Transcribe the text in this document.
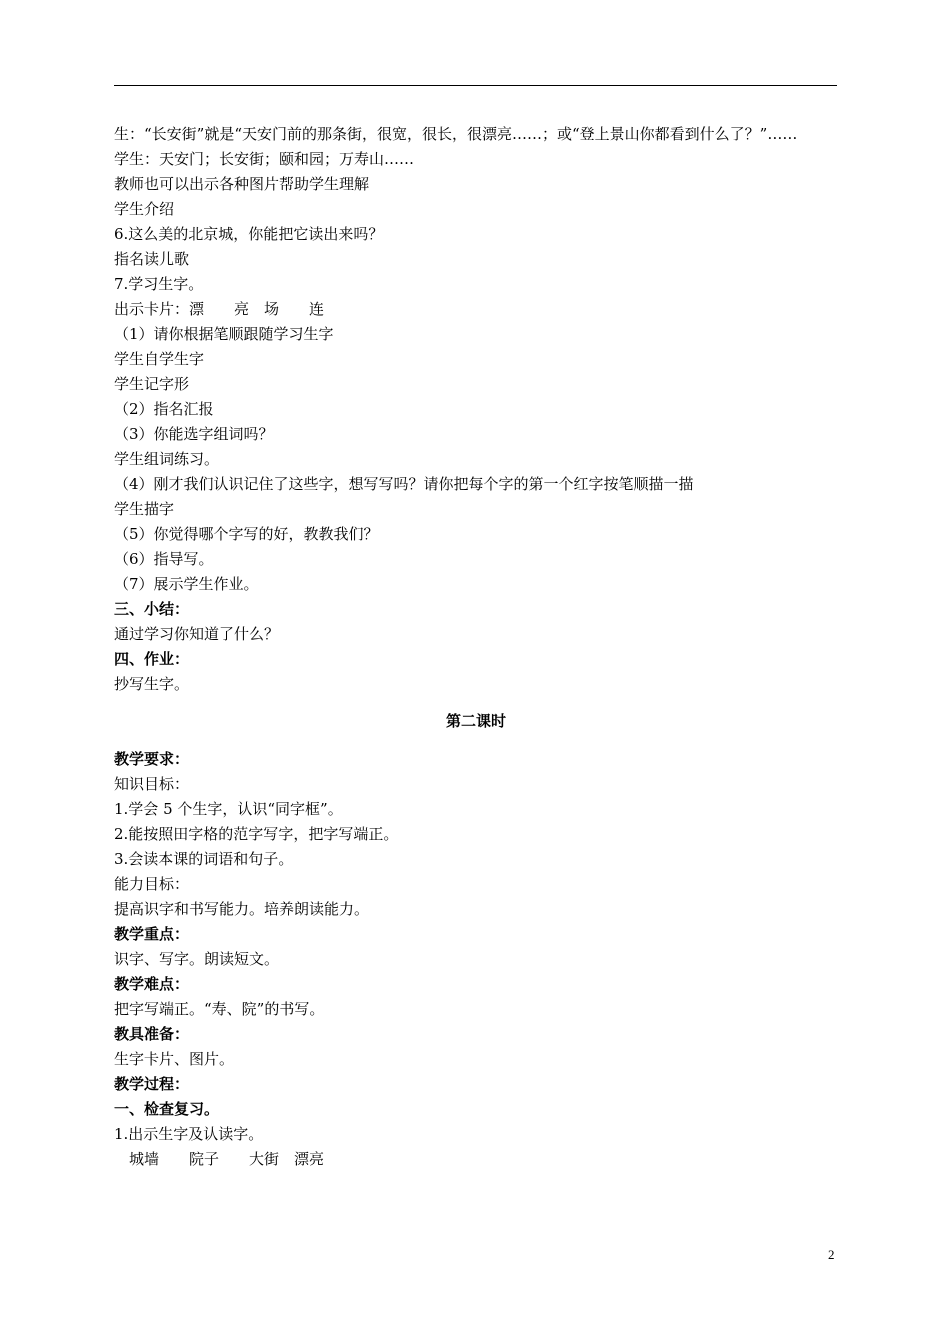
生：“长安街”就是“天安门前的那条街，很宽，很长，很漂亮……；或“登上景山你都看到什么了？”……
学生：天安门；长安街；颐和园；万寿山……
教师也可以出示各种图片帮助学生理解
学生介绍
6.这么美的北京城，你能把它读出来吗？
指名读儿歌
7.学习生字。
出示卡片：漂　　亮　场　　连
（1）请你根据笔顺跟随学习生字
学生自学生字
学生记字形
（2）指名汇报
（3）你能选字组词吗？
学生组词练习。
（4）刚才我们认识记住了这些字，想写写吗？请你把每个字的第一个红字按笔顺描一描
学生描字
（5）你觉得哪个字写的好，教教我们？
（6）指导写。
（7）展示学生作业。
三、小结：
通过学习你知道了什么？
四、作业：
抄写生字。
第二课时
教学要求：
知识目标：
1.学会 5 个生字，认识“同字框”。
2.能按照田字格的范字写字，把字写端正。
3.会读本课的词语和句子。
能力目标：
提高识字和书写能力。培养朗读能力。
教学重点：
识字、写字。朗读短文。
教学难点：
把字写端正。“寿、院”的书写。
教具准备：
生字卡片、图片。
教学过程：
一、检查复习。
1.出示生字及认读字。
　城墙　　院子　　大街　漂亮
2
